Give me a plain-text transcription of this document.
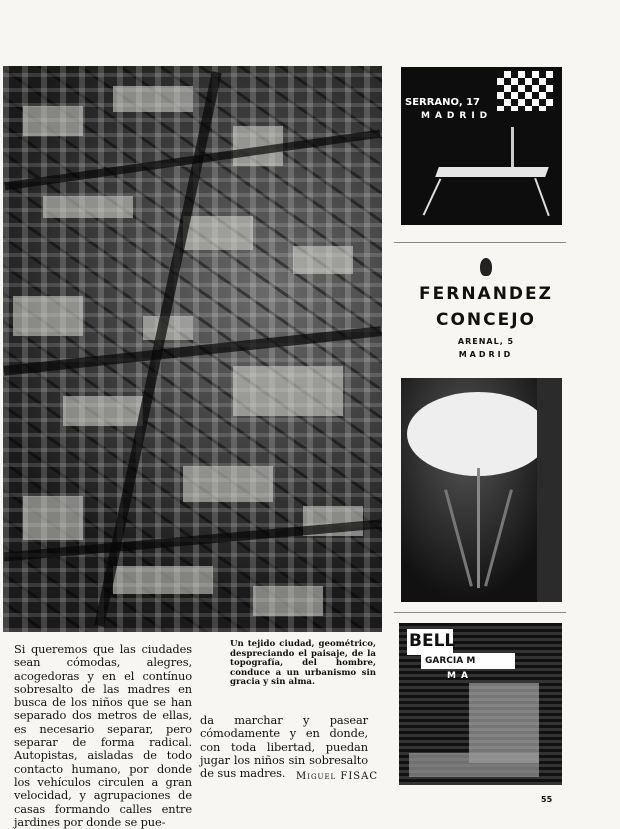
Un tejido ciudad, geométrico, despreciando el paisaje, de la topografía, del hombre, conduce a un urbanismo sin gracia y sin alma.
Si queremos que las ciudades sean cómodas, alegres, acogedoras y en el contínuo sobresalto de las madres en busca de los niños que se han separado dos metros de ellas, es necesario separar, pero separar de forma radical. Autopistas, aisladas de todo contacto humano, por donde los vehículos circulen a gran velocidad, y agrupaciones de casas formando calles entre jardines por donde se pue-
da marchar y pasear cómodamente y en donde, con toda libertad, puedan jugar los niños sin sobresalto de sus madres.	Miguel FISAC
SERRANO, 17
MADRID
FERNANDEZ
CONCEJO
ARENAL, 5
MADRID
BELL
GARCIA M
MA
55
